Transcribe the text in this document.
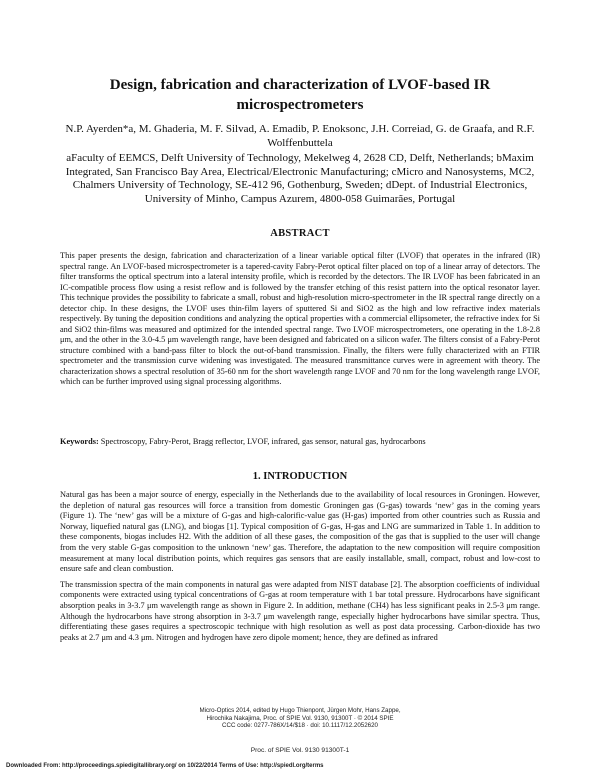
Design, fabrication and characterization of LVOF-based IR microspectrometers
N.P. Ayerden*a, M. Ghaderia, M. F. Silvad, A. Emadib, P. Enoksonc, J.H. Correiad, G. de Graafa, and R.F. Wolffenbuttela
aFaculty of EEMCS, Delft University of Technology, Mekelweg 4, 2628 CD, Delft, Netherlands; bMaxim Integrated, San Francisco Bay Area, Electrical/Electronic Manufacturing; cMicro and Nanosystems, MC2, Chalmers University of Technology, SE-412 96, Gothenburg, Sweden; dDept. of Industrial Electronics, University of Minho, Campus Azurem, 4800-058 Guimarães, Portugal
ABSTRACT
This paper presents the design, fabrication and characterization of a linear variable optical filter (LVOF) that operates in the infrared (IR) spectral range. An LVOF-based microspectrometer is a tapered-cavity Fabry-Perot optical filter placed on top of a linear array of detectors. The filter transforms the optical spectrum into a lateral intensity profile, which is recorded by the detectors. The IR LVOF has been fabricated in an IC-compatible process flow using a resist reflow and is followed by the transfer etching of this resist pattern into the optical resonator layer. This technique provides the possibility to fabricate a small, robust and high-resolution micro-spectrometer in the IR spectral range directly on a detector chip. In these designs, the LVOF uses thin-film layers of sputtered Si and SiO2 as the high and low refractive index materials respectively. By tuning the deposition conditions and analyzing the optical properties with a commercial ellipsometer, the refractive index for Si and SiO2 thin-films was measured and optimized for the intended spectral range. Two LVOF microspectrometers, one operating in the 1.8-2.8 μm, and the other in the 3.0-4.5 μm wavelength range, have been designed and fabricated on a silicon wafer. The filters consist of a Fabry-Perot structure combined with a band-pass filter to block the out-of-band transmission. Finally, the filters were fully characterized with an FTIR spectrometer and the transmission curve widening was investigated. The measured transmittance curves were in agreement with theory. The characterization shows a spectral resolution of 35-60 nm for the short wavelength range LVOF and 70 nm for the long wavelength range LVOF, which can be further improved using signal processing algorithms.
Keywords: Spectroscopy, Fabry-Perot, Bragg reflector, LVOF, infrared, gas sensor, natural gas, hydrocarbons
1. INTRODUCTION

Natural gas has been a major source of energy, especially in the Netherlands due to the availability of local resources in Groningen. However, the depletion of natural gas resources will force a transition from domestic Groningen gas (G-gas) towards ‘new’ gas in the coming years (Figure 1). The ‘new’ gas will be a mixture of G-gas and high-calorific-value gas (H-gas) imported from other countries such as Russia and Norway, liquefied natural gas (LNG), and biogas [1]. Typical composition of G-gas, H-gas and LNG are summarized in Table 1. In addition to these components, biogas includes H2. With the addition of all these gases, the composition of the gas that is supplied to the user will change from the very stable G-gas composition to the unknown ‘new’ gas. Therefore, the adaptation to the new composition will require composition measurement at many local distribution points, which requires gas sensors that are easily installable, small, compact, robust and low-cost to ensure safe and clean combustion.

The transmission spectra of the main components in natural gas were adapted from NIST database [2]. The absorption coefficients of individual components were extracted using typical concentrations of G-gas at room temperature with 1 bar total pressure. Hydrocarbons have significant absorption peaks in 3-3.7 μm wavelength range as shown in Figure 2. In addition, methane (CH4) has less significant peaks in 2.5-3 μm range. Although the hydrocarbons have strong absorption in 3-3.7 μm wavelength range, especially higher hydrocarbons have similar spectra. Thus, differentiating these gases requires a spectroscopic technique with high resolution as well as post data processing. Carbon-dioxide has two peaks at 2.7 μm and 4.3 μm. Nitrogen and hydrogen have zero dipole moment; hence, they are defined as infrared

Micro-Optics 2014, edited by Hugo Thienpont, Jürgen Mohr, Hans Zappe,
Hirochika Nakajima, Proc. of SPIE Vol. 9130, 91300T · © 2014 SPIE
CCC code: 0277-786X/14/$18 · doi: 10.1117/12.2052620
Proc. of SPIE Vol. 9130 91300T-1
Downloaded From: http://proceedings.spiedigitallibrary.org/ on 10/22/2014 Terms of Use: http://spiedl.org/terms
